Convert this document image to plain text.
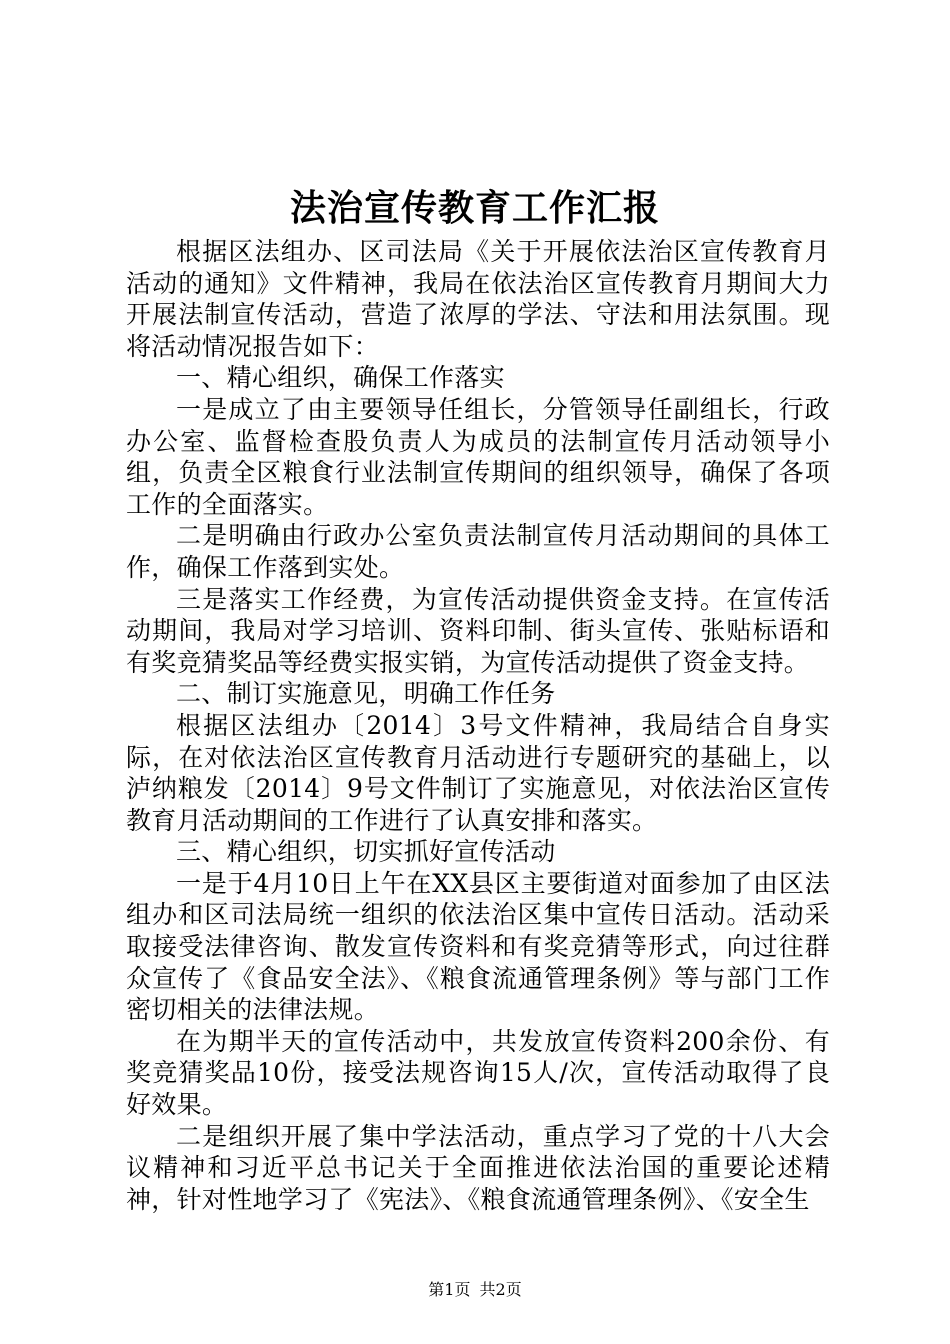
法治宣传教育工作汇报

根据区法组办、区司法局《关于开展依法治区宣传教育月活动的通知》文件精神，我局在依法治区宣传教育月期间大力开展法制宣传活动，营造了浓厚的学法、守法和用法氛围。现将活动情况报告如下：

一、精心组织，确保工作落实

一是成立了由主要领导任组长，分管领导任副组长，行政办公室、监督检查股负责人为成员的法制宣传月活动领导小组，负责全区粮食行业法制宣传期间的组织领导，确保了各项工作的全面落实。

二是明确由行政办公室负责法制宣传月活动期间的具体工作，确保工作落到实处。

三是落实工作经费，为宣传活动提供资金支持。在宣传活动期间，我局对学习培训、资料印制、街头宣传、张贴标语和有奖竞猜奖品等经费实报实销，为宣传活动提供了资金支持。

二、制订实施意见，明确工作任务

根据区法组办〔2014〕3号文件精神，我局结合自身实际，在对依法治区宣传教育月活动进行专题研究的基础上，以泸纳粮发〔2014〕9号文件制订了实施意见，对依法治区宣传教育月活动期间的工作进行了认真安排和落实。

三、精心组织，切实抓好宣传活动

一是于4月10日上午在XX县区主要街道对面参加了由区法组办和区司法局统一组织的依法治区集中宣传日活动。活动采取接受法律咨询、散发宣传资料和有奖竞猜等形式，向过往群众宣传了《食品安全法》、《粮食流通管理条例》等与部门工作密切相关的法律法规。

在为期半天的宣传活动中，共发放宣传资料200余份、有奖竞猜奖品10份，接受法规咨询15人/次，宣传活动取得了良好效果。

二是组织开展了集中学法活动，重点学习了党的十八大会议精神和习近平总书记关于全面推进依法治国的重要论述精神，针对性地学习了《宪法》、《粮食流通管理条例》、《安全生

第1页 共2页
